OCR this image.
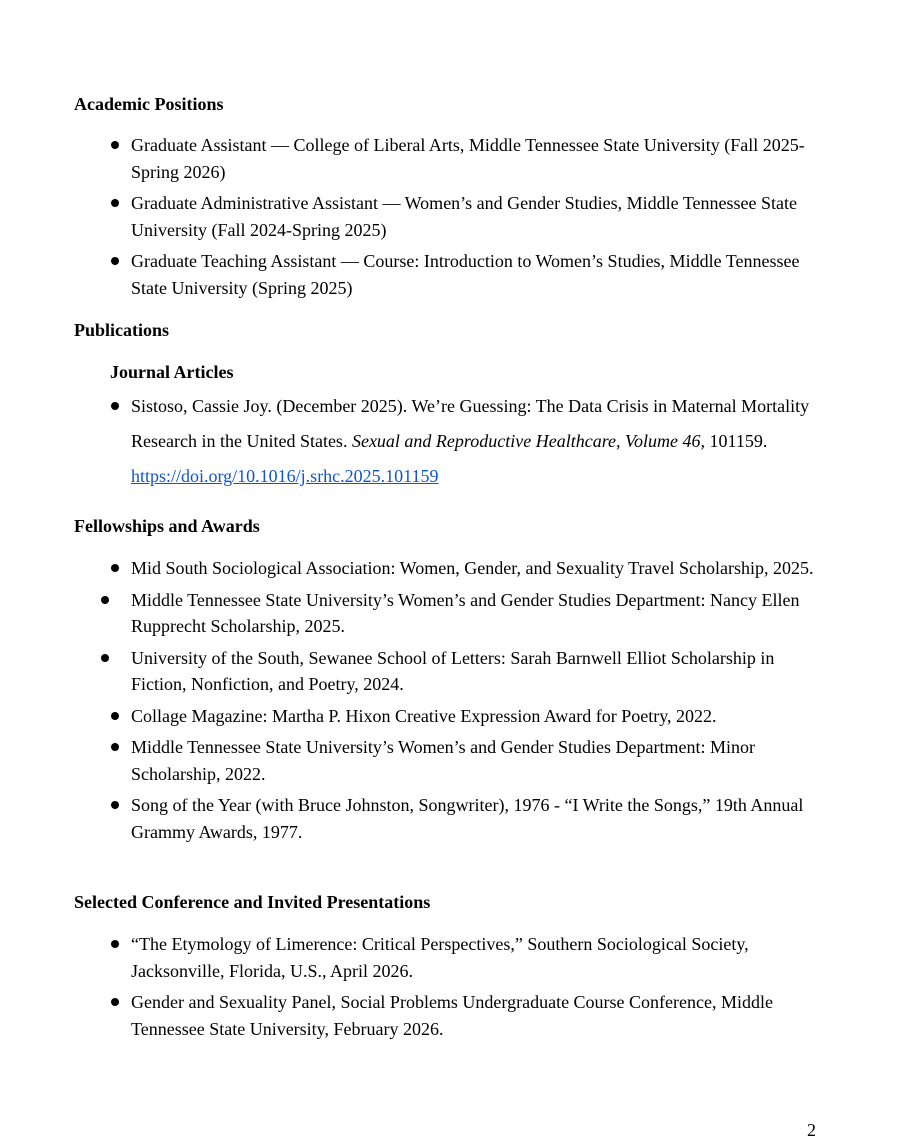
Academic Positions
Graduate Assistant — College of Liberal Arts, Middle Tennessee State University (Fall 2025-Spring 2026)
Graduate Administrative Assistant — Women’s and Gender Studies, Middle Tennessee State University (Fall 2024-Spring 2025)
Graduate Teaching Assistant — Course: Introduction to Women’s Studies, Middle Tennessee State University (Spring 2025)
Publications
Journal Articles
Sistoso, Cassie Joy. (December 2025). We’re Guessing: The Data Crisis in Maternal Mortality Research in the United States. Sexual and Reproductive Healthcare, Volume 46, 101159. https://doi.org/10.1016/j.srhc.2025.101159
Fellowships and Awards
Mid South Sociological Association: Women, Gender, and Sexuality Travel Scholarship, 2025.
Middle Tennessee State University’s Women’s and Gender Studies Department: Nancy Ellen Rupprecht Scholarship, 2025.
University of the South, Sewanee School of Letters: Sarah Barnwell Elliot Scholarship in Fiction, Nonfiction, and Poetry, 2024.
Collage Magazine: Martha P. Hixon Creative Expression Award for Poetry, 2022.
Middle Tennessee State University’s Women’s and Gender Studies Department: Minor Scholarship, 2022.
Song of the Year (with Bruce Johnston, Songwriter), 1976 - “I Write the Songs,” 19th Annual Grammy Awards, 1977.
Selected Conference and Invited Presentations
“The Etymology of Limerence: Critical Perspectives,” Southern Sociological Society, Jacksonville, Florida, U.S., April 2026.
Gender and Sexuality Panel, Social Problems Undergraduate Course Conference, Middle Tennessee State University, February 2026.
2
